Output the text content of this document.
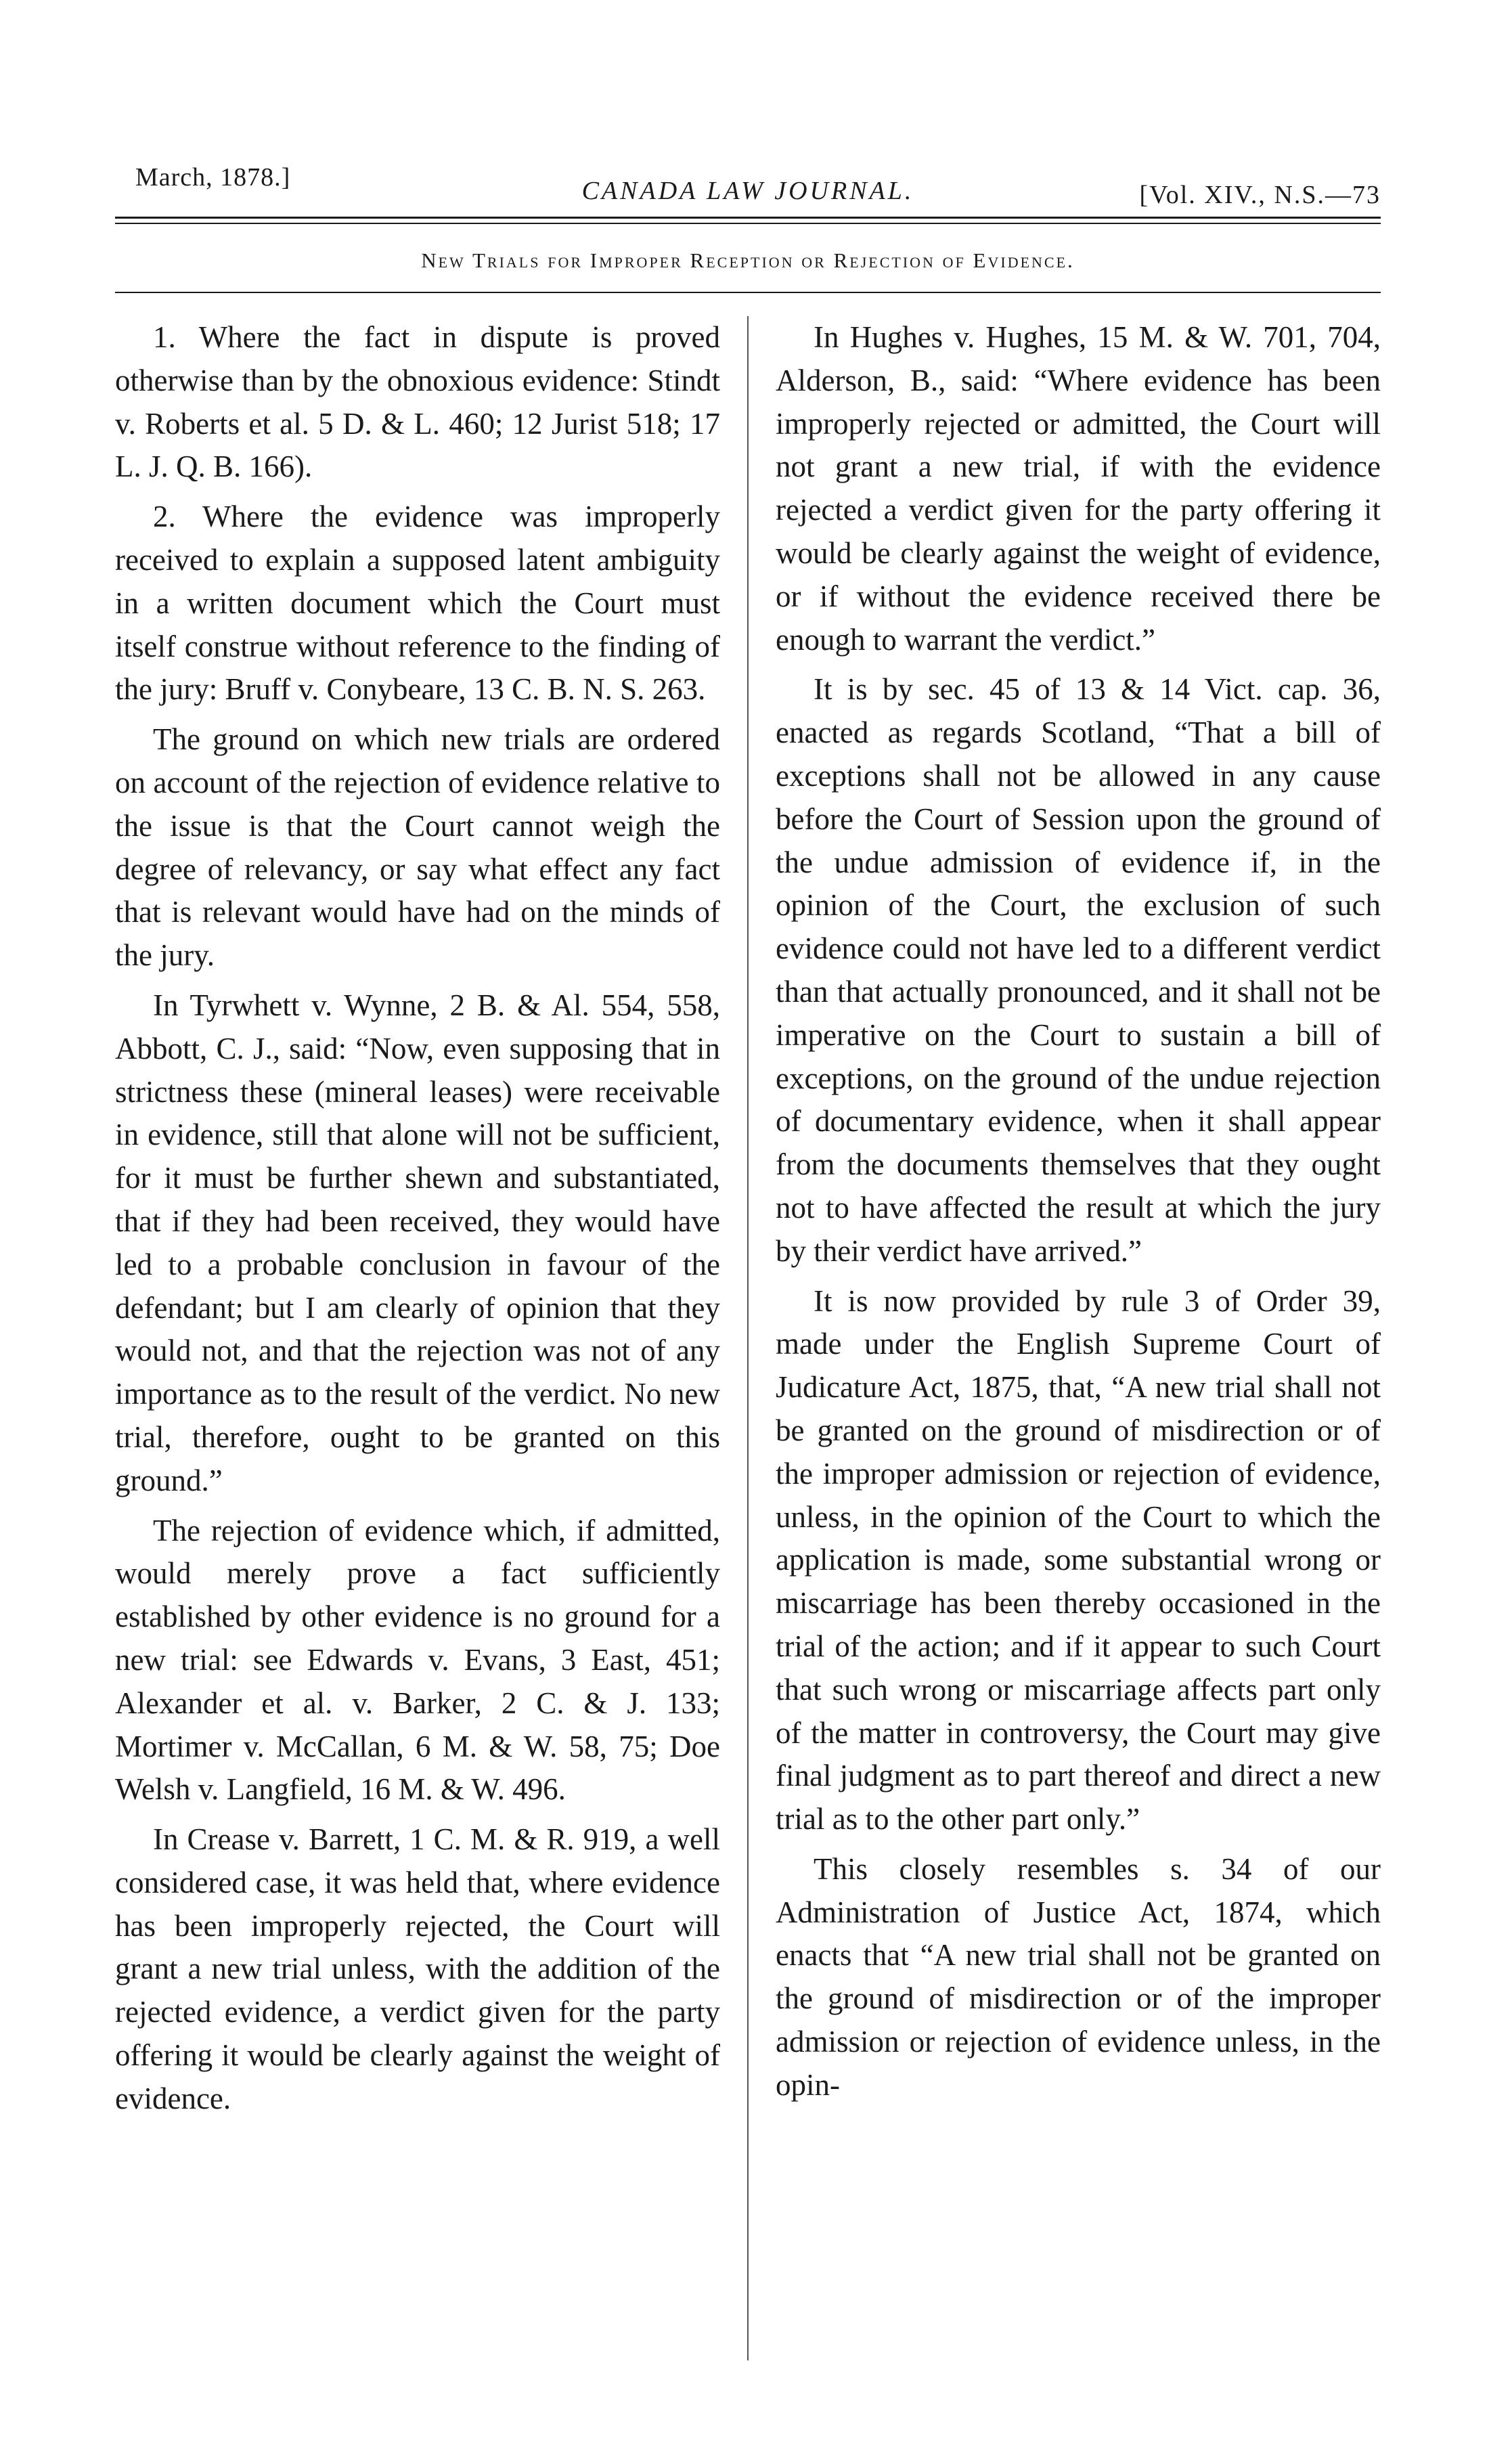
March, 1878.]	CANADA LAW JOURNAL.	[Vol. XIV., N.S.—73
New Trials for Improper Reception or Rejection of Evidence.

1. Where the fact in dispute is proved otherwise than by the obnoxious evidence: Stindt v. Roberts et al. 5 D. & L. 460; 12 Jurist 518; 17 L. J. Q. B. 166).

2. Where the evidence was improperly received to explain a supposed latent ambiguity in a written document which the Court must itself construe without reference to the finding of the jury: Bruff v. Conybeare, 13 C. B. N. S. 263.

The ground on which new trials are ordered on account of the rejection of evidence relative to the issue is that the Court cannot weigh the degree of relevancy, or say what effect any fact that is relevant would have had on the minds of the jury.

In Tyrwhett v. Wynne, 2 B. & Al. 554, 558, Abbott, C. J., said: “Now, even supposing that in strictness these (mineral leases) were receivable in evidence, still that alone will not be sufficient, for it must be further shewn and substantiated, that if they had been received, they would have led to a probable conclusion in favour of the defendant; but I am clearly of opinion that they would not, and that the rejection was not of any importance as to the result of the verdict. No new trial, therefore, ought to be granted on this ground.”

The rejection of evidence which, if admitted, would merely prove a fact sufficiently established by other evidence is no ground for a new trial: see Edwards v. Evans, 3 East, 451; Alexander et al. v. Barker, 2 C. & J. 133; Mortimer v. McCallan, 6 M. & W. 58, 75; Doe Welsh v. Langfield, 16 M. & W. 496.

In Crease v. Barrett, 1 C. M. & R. 919, a well considered case, it was held that, where evidence has been improperly rejected, the Court will grant a new trial unless, with the addition of the rejected evidence, a verdict given for the party offering it would be clearly against the weight of evidence.

In Hughes v. Hughes, 15 M. & W. 701, 704, Alderson, B., said: “Where evidence has been improperly rejected or admitted, the Court will not grant a new trial, if with the evidence rejected a verdict given for the party offering it would be clearly against the weight of evidence, or if without the evidence received there be enough to warrant the verdict.”

It is by sec. 45 of 13 & 14 Vict. cap. 36, enacted as regards Scotland, “That a bill of exceptions shall not be allowed in any cause before the Court of Session upon the ground of the undue admission of evidence if, in the opinion of the Court, the exclusion of such evidence could not have led to a different verdict than that actually pronounced, and it shall not be imperative on the Court to sustain a bill of exceptions, on the ground of the undue rejection of documentary evidence, when it shall appear from the documents themselves that they ought not to have affected the result at which the jury by their verdict have arrived.”

It is now provided by rule 3 of Order 39, made under the English Supreme Court of Judicature Act, 1875, that, “A new trial shall not be granted on the ground of misdirection or of the improper admission or rejection of evidence, unless, in the opinion of the Court to which the application is made, some substantial wrong or miscarriage has been thereby occasioned in the trial of the action; and if it appear to such Court that such wrong or miscarriage affects part only of the matter in controversy, the Court may give final judgment as to part thereof and direct a new trial as to the other part only.”

This closely resembles s. 34 of our Administration of Justice Act, 1874, which enacts that “A new trial shall not be granted on the ground of misdirection or of the improper admission or rejection of evidence unless, in the opin-
